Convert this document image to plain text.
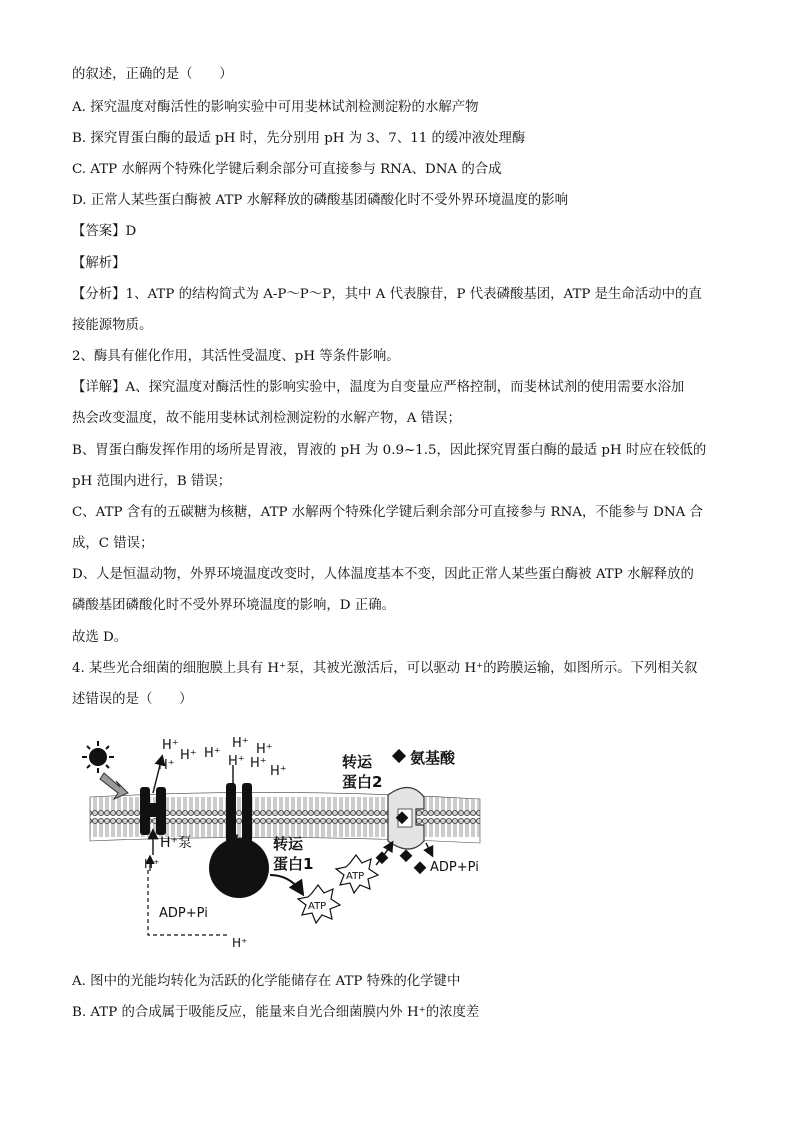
的叙述，正确的是（　　）
A. 探究温度对酶活性的影响实验中可用斐林试剂检测淀粉的水解产物
B. 探究胃蛋白酶的最适 pH 时，先分别用 pH 为 3、7、11 的缓冲液处理酶
C. ATP 水解两个特殊化学键后剩余部分可直接参与 RNA、DNA 的合成
D. 正常人某些蛋白酶被 ATP 水解释放的磷酸基团磷酸化时不受外界环境温度的影响
【答案】D
【解析】
【分析】1、ATP 的结构简式为 A-P～P～P，其中 A 代表腺苷，P 代表磷酸基团，ATP 是生命活动中的直
接能源物质。
2、酶具有催化作用，其活性受温度、pH 等条件影响。
【详解】A、探究温度对酶活性的影响实验中，温度为自变量应严格控制，而斐林试剂的使用需要水浴加
热会改变温度，故不能用斐林试剂检测淀粉的水解产物，A 错误；
B、胃蛋白酶发挥作用的场所是胃液，胃液的 pH 为 0.9~1.5，因此探究胃蛋白酶的最适 pH 时应在较低的
pH 范围内进行，B 错误；
C、ATP 含有的五碳糖为核糖，ATP 水解两个特殊化学键后剩余部分可直接参与 RNA，不能参与 DNA 合
成，C 错误；
D、人是恒温动物，外界环境温度改变时，人体温度基本不变，因此正常人某些蛋白酶被 ATP 水解释放的
磷酸基团磷酸化时不受外界环境温度的影响，D 正确。
故选 D。
4. 某些光合细菌的细胞膜上具有 H⁺泵，其被光激活后，可以驱动 H⁺的跨膜运输，如图所示。下列相关叙
述错误的是（　　）
H⁺
H⁺
H⁺ H⁺
H⁺
H⁺
H⁺
H⁺
H⁺
H⁺泵
H⁺
转运
蛋白1
转运
蛋白2
氨基酸
ADP+Pi
ADP+Pi
ATP
ATP
H⁺
A. 图中的光能均转化为活跃的化学能储存在 ATP 特殊的化学键中
B. ATP 的合成属于吸能反应，能量来自光合细菌膜内外 H⁺的浓度差
